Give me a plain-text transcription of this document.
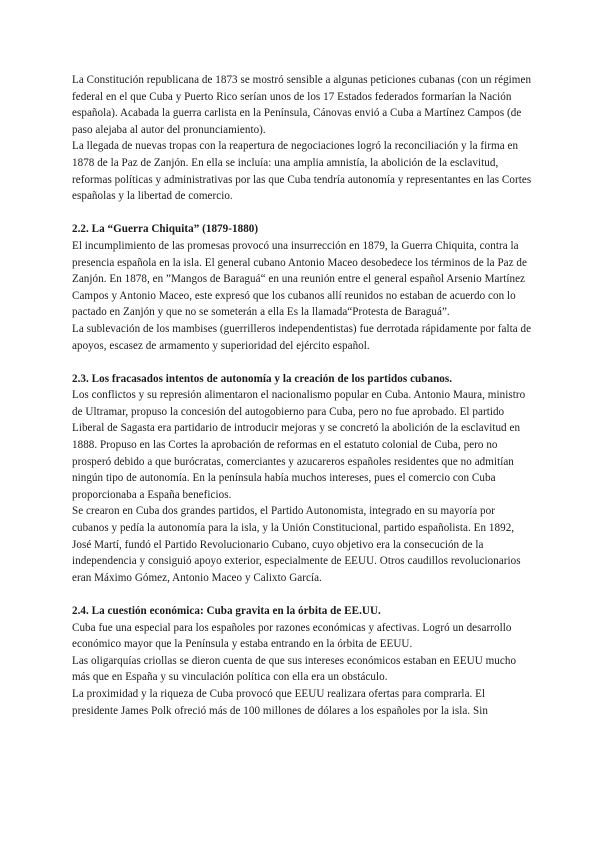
La Constitución republicana de 1873 se mostró sensible a algunas peticiones cubanas (con un régimen federal en el que Cuba y Puerto Rico serían unos de los 17 Estados federados formarían la Nación española). Acabada la guerra carlista en la Península, Cánovas envió a Cuba a Martínez Campos (de paso alejaba al autor del pronunciamiento).

La llegada de nuevas tropas con la reapertura de negociaciones logró la reconciliación y la firma en 1878 de la Paz de Zanjón. En ella se incluía: una amplia amnistía, la abolición de la esclavitud, reformas políticas y administrativas por las que Cuba tendría autonomía y representantes en las Cortes españolas y la libertad de comercio.

2.2. La “Guerra Chiquita” (1879-1880)

El incumplimiento de las promesas provocó una insurrección en 1879, la Guerra Chiquita, contra la presencia española en la isla. El general cubano Antonio Maceo desobedece los términos de la Paz de Zanjón. En 1878, en ”Mangos de Baraguá“ en una reunión entre el general español Arsenio Martínez Campos y Antonio Maceo, este expresó que los cubanos allí reunidos no estaban de acuerdo con lo pactado en Zanjón y que no se someterán a ella Es la llamada“Protesta de Baraguá”.

La sublevación de los mambises (guerrilleros independentistas) fue derrotada rápidamente por falta de apoyos, escasez de armamento y superioridad del ejército español.

2.3. Los fracasados intentos de autonomía y la creación de los partidos cubanos.

Los conflictos y su represión alimentaron el nacionalismo popular en Cuba. Antonio Maura, ministro de Ultramar, propuso la concesión del autogobierno para Cuba, pero no fue aprobado. El partido Liberal de Sagasta era partidario de introducir mejoras y se concretó la abolición de la esclavitud en 1888. Propuso en las Cortes la aprobación de reformas en el estatuto colonial de Cuba, pero no prosperó debido a que burócratas, comerciantes y azucareros españoles residentes que no admitían ningún tipo de autonomía. En la península había muchos intereses, pues el comercio con Cuba proporcionaba a España beneficios.

Se crearon en Cuba dos grandes partidos, el Partido Autonomista, integrado en su mayoría por cubanos y pedía la autonomía para la isla, y la Unión Constitucional, partido españolista. En 1892, José Martí, fundó el Partido Revolucionario Cubano, cuyo objetivo era la consecución de la independencia y consiguió apoyo exterior, especialmente de EEUU. Otros caudillos revolucionarios eran Máximo Gómez, Antonio Maceo y Calixto García.

2.4. La cuestión económica: Cuba gravita en la órbita de EE.UU.

Cuba fue una especial para los españoles por razones económicas y afectivas. Logró un desarrollo económico mayor que la Península y estaba entrando en la órbita de EEUU.

Las oligarquías criollas se dieron cuenta de que sus intereses económicos estaban en EEUU mucho más que en España y su vinculación política con ella era un obstáculo.

La proximidad y la riqueza de Cuba provocó que EEUU realizara ofertas para comprarla. El presidente James Polk ofreció más de 100 millones de dólares a los españoles por la isla. Sin
